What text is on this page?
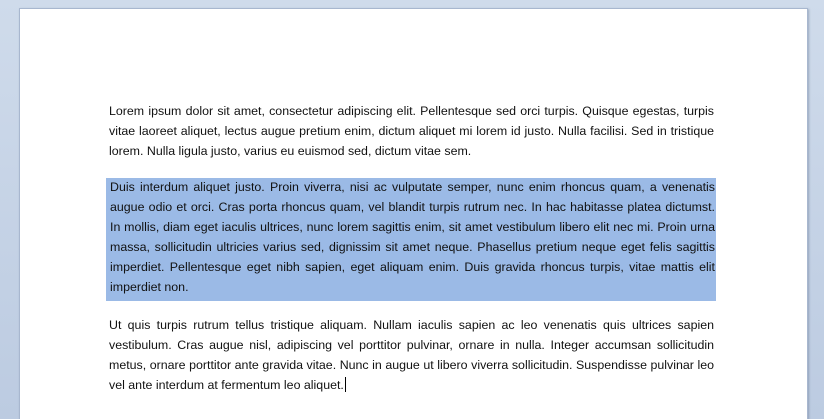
Lorem ipsum dolor sit amet, consectetur adipiscing elit. Pellentesque sed orci turpis. Quisque egestas, turpis vitae laoreet aliquet, lectus augue pretium enim, dictum aliquet mi lorem id justo. Nulla facilisi. Sed in tristique lorem. Nulla ligula justo, varius eu euismod sed, dictum vitae sem.

Duis interdum aliquet justo. Proin viverra, nisi ac vulputate semper, nunc enim rhoncus quam, a venenatis augue odio et orci. Cras porta rhoncus quam, vel blandit turpis rutrum nec. In hac habitasse platea dictumst. In mollis, diam eget iaculis ultrices, nunc lorem sagittis enim, sit amet vestibulum libero elit nec mi. Proin urna massa, sollicitudin ultricies varius sed, dignissim sit amet neque. Phasellus pretium neque eget felis sagittis imperdiet. Pellentesque eget nibh sapien, eget aliquam enim. Duis gravida rhoncus turpis, vitae mattis elit imperdiet non.

Ut quis turpis rutrum tellus tristique aliquam. Nullam iaculis sapien ac leo venenatis quis ultrices sapien vestibulum. Cras augue nisl, adipiscing vel porttitor pulvinar, ornare in nulla. Integer accumsan sollicitudin metus, ornare porttitor ante gravida vitae. Nunc in augue ut libero viverra sollicitudin. Suspendisse pulvinar leo vel ante interdum at fermentum leo aliquet.
